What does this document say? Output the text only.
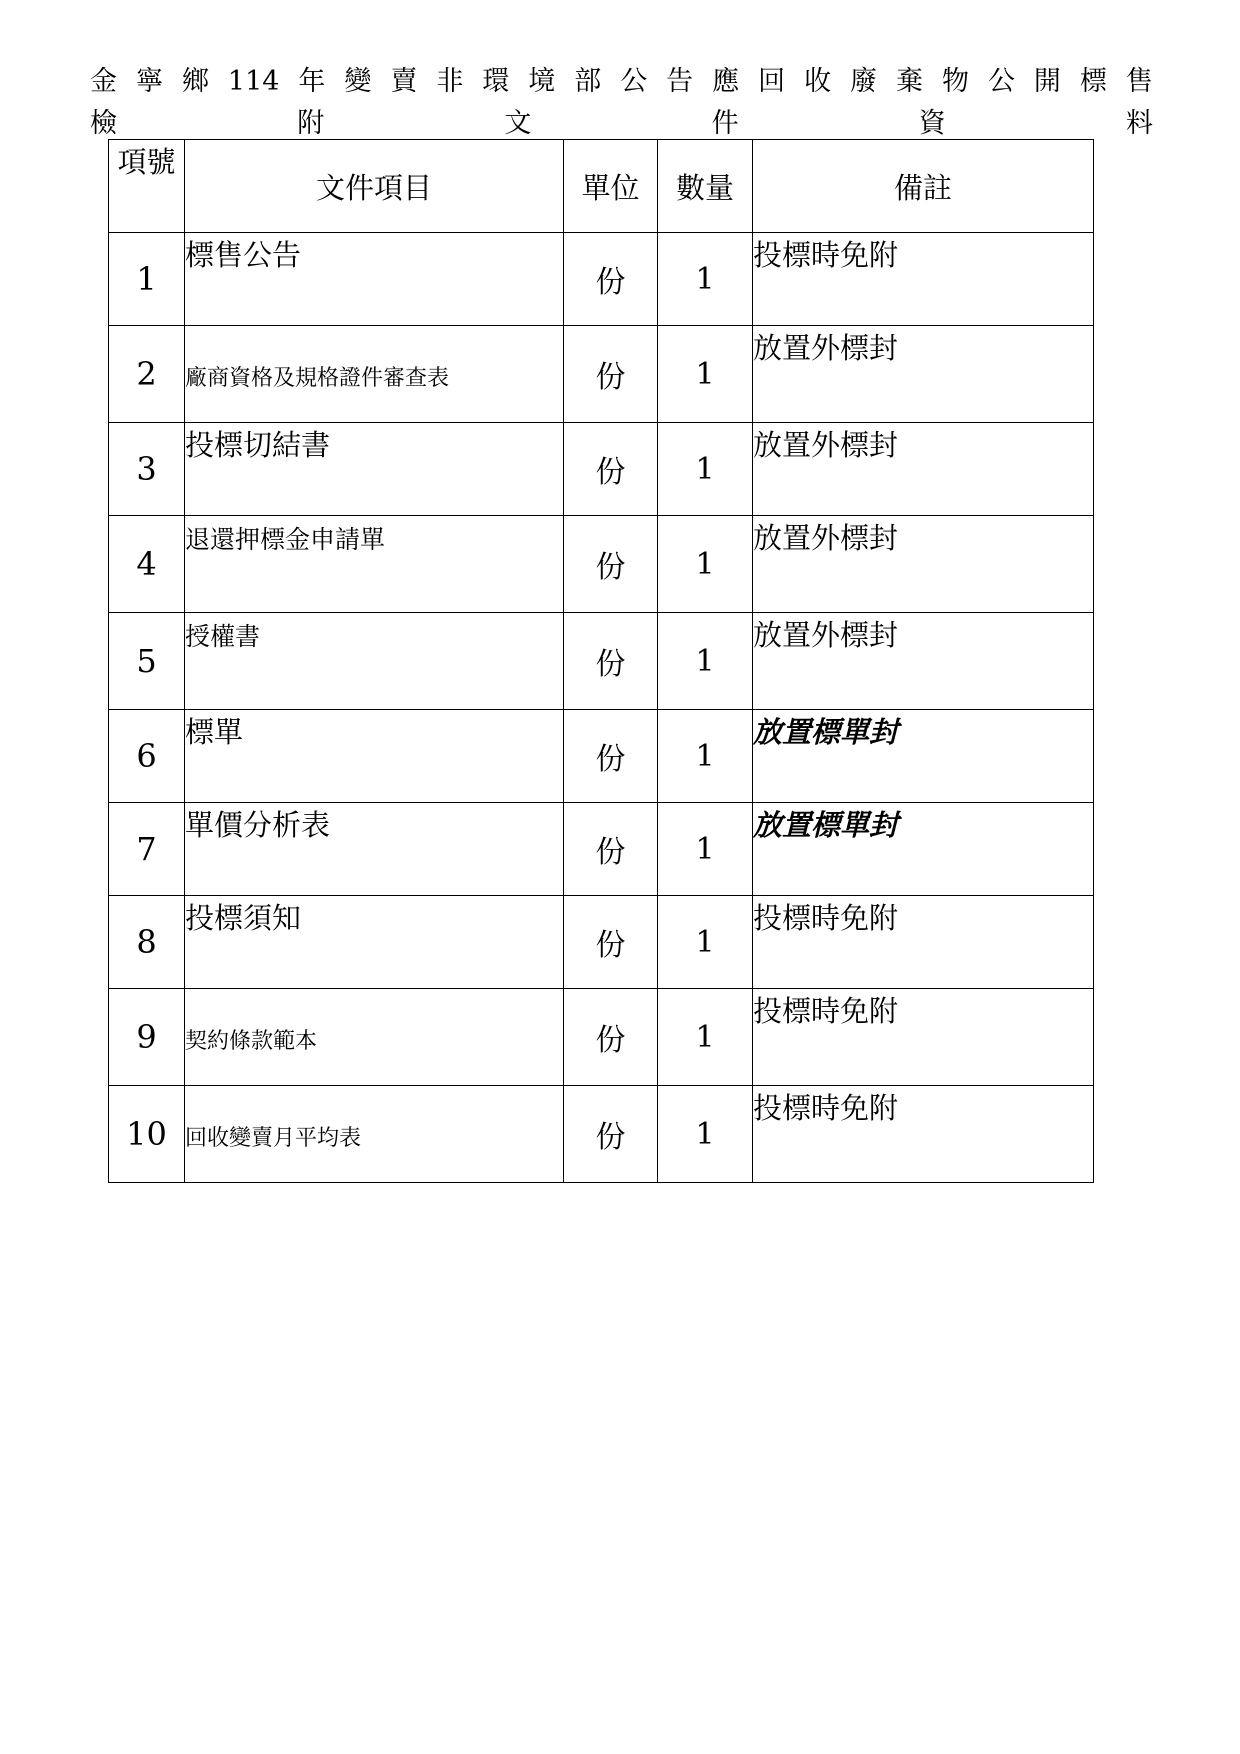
金 寧 鄉 114 年 變 賣 非 環 境 部 公 告 應 回 收 廢 棄 物 公 開 標 售
檢	附	文	件	資	料
項號	文件項目	單位	數量	備註
1	標售公告	份	1	投標時免附
2	廠商資格及規格證件審查表	份	1	放置外標封
3	投標切結書	份	1	放置外標封
4	退還押標金申請單	份	1	放置外標封
5	授權書	份	1	放置外標封
6	標單	份	1	放置標單封
7	單價分析表	份	1	放置標單封
8	投標須知	份	1	投標時免附
9	契約條款範本	份	1	投標時免附
10	回收變賣月平均表	份	1	投標時免附
